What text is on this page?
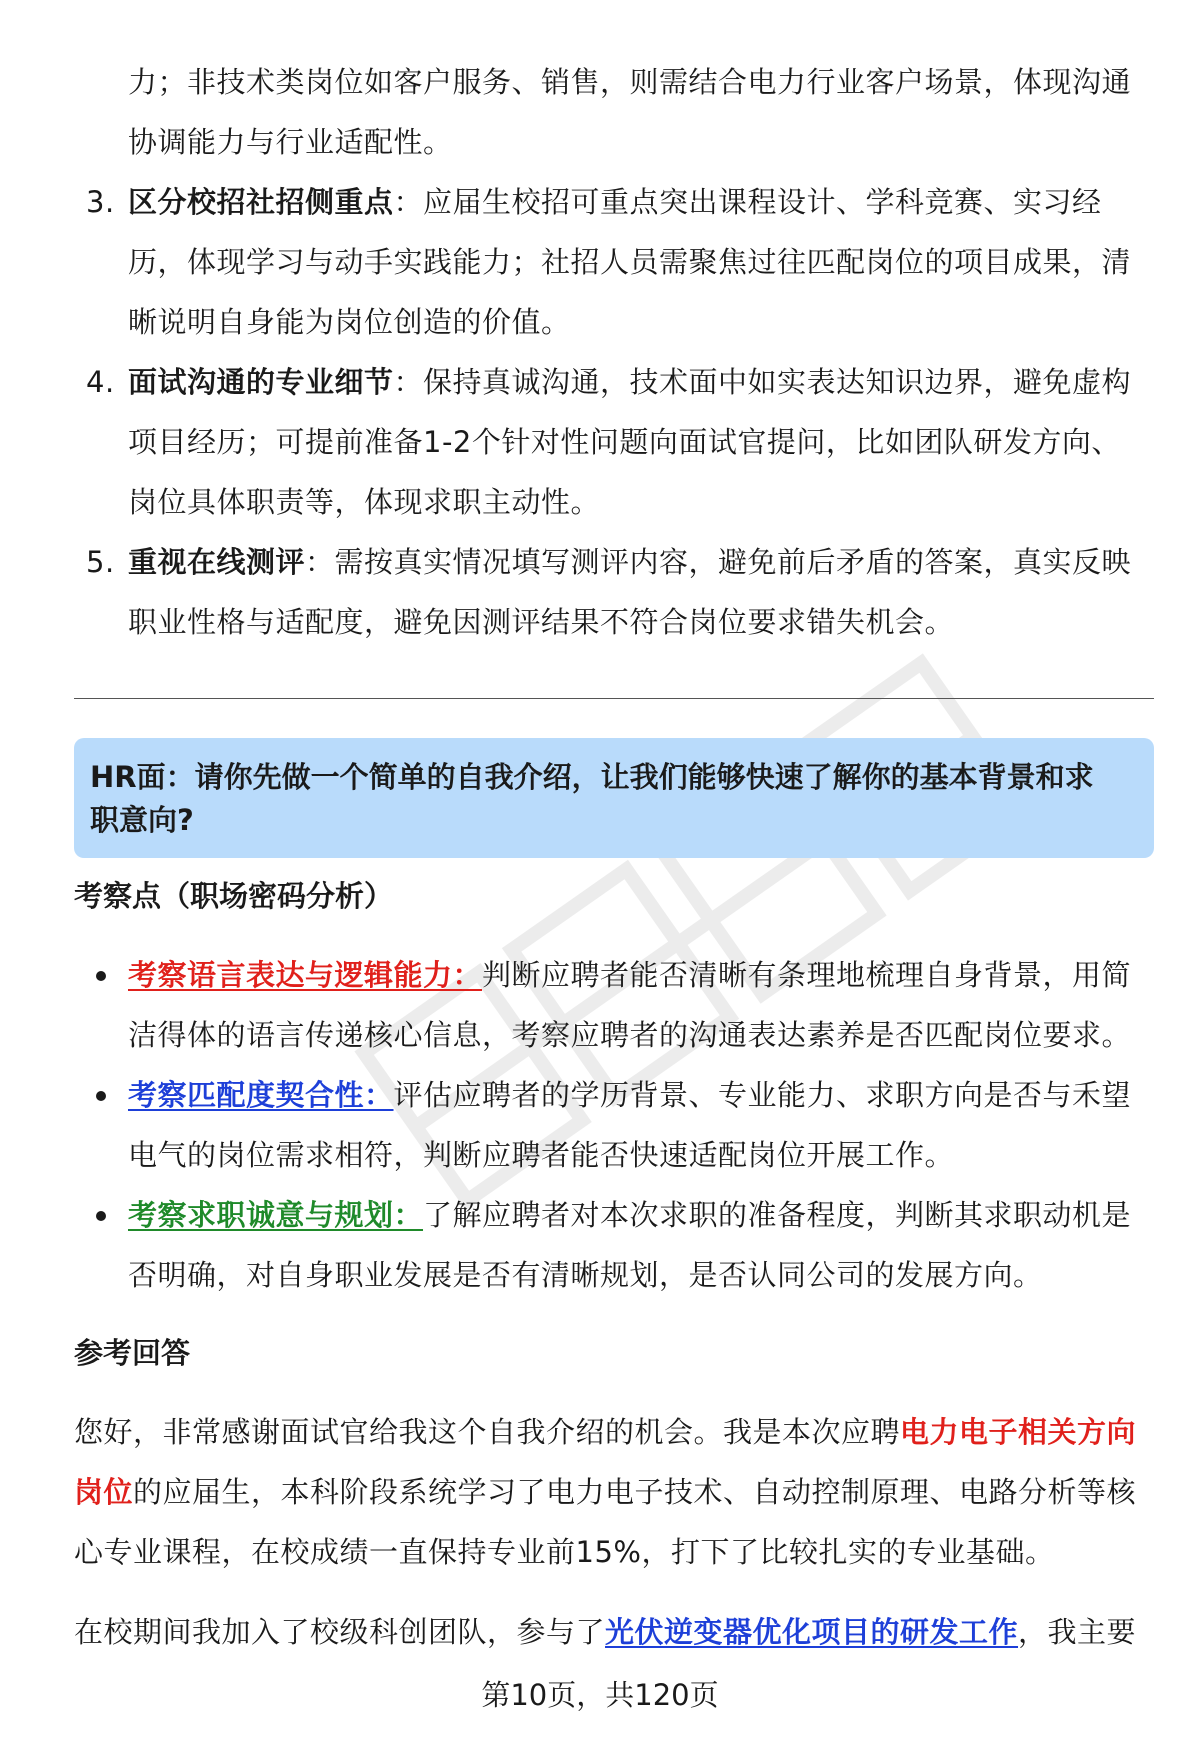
力；非技术类岗位如客户服务、销售，则需结合电力行业客户场景，体现沟通
协调能力与行业适配性。
3. 区分校招社招侧重点：应届生校招可重点突出课程设计、学科竞赛、实习经
历，体现学习与动手实践能力；社招人员需聚焦过往匹配岗位的项目成果，清
晰说明自身能为岗位创造的价值。
4. 面试沟通的专业细节：保持真诚沟通，技术面中如实表达知识边界，避免虚构
项目经历；可提前准备1-2个针对性问题向面试官提问，比如团队研发方向、
岗位具体职责等，体现求职主动性。
5. 重视在线测评：需按真实情况填写测评内容，避免前后矛盾的答案，真实反映
职业性格与适配度，避免因测评结果不符合岗位要求错失机会。
HR面：请你先做一个简单的自我介绍，让我们能够快速了解你的基本背景和求
职意向?
考察点（职场密码分析）
考察语言表达与逻辑能力：判断应聘者能否清晰有条理地梳理自身背景，用简
洁得体的语言传递核心信息，考察应聘者的沟通表达素养是否匹配岗位要求。
考察匹配度契合性：评估应聘者的学历背景、专业能力、求职方向是否与禾望
电气的岗位需求相符，判断应聘者能否快速适配岗位开展工作。
考察求职诚意与规划：了解应聘者对本次求职的准备程度，判断其求职动机是
否明确，对自身职业发展是否有清晰规划，是否认同公司的发展方向。
参考回答
您好，非常感谢面试官给我这个自我介绍的机会。我是本次应聘电力电子相关方向
岗位的应届生，本科阶段系统学习了电力电子技术、自动控制原理、电路分析等核
心专业课程，在校成绩一直保持专业前15%，打下了比较扎实的专业基础。
在校期间我加入了校级科创团队，参与了光伏逆变器优化项目的研发工作，我主要
第10页，共120页
